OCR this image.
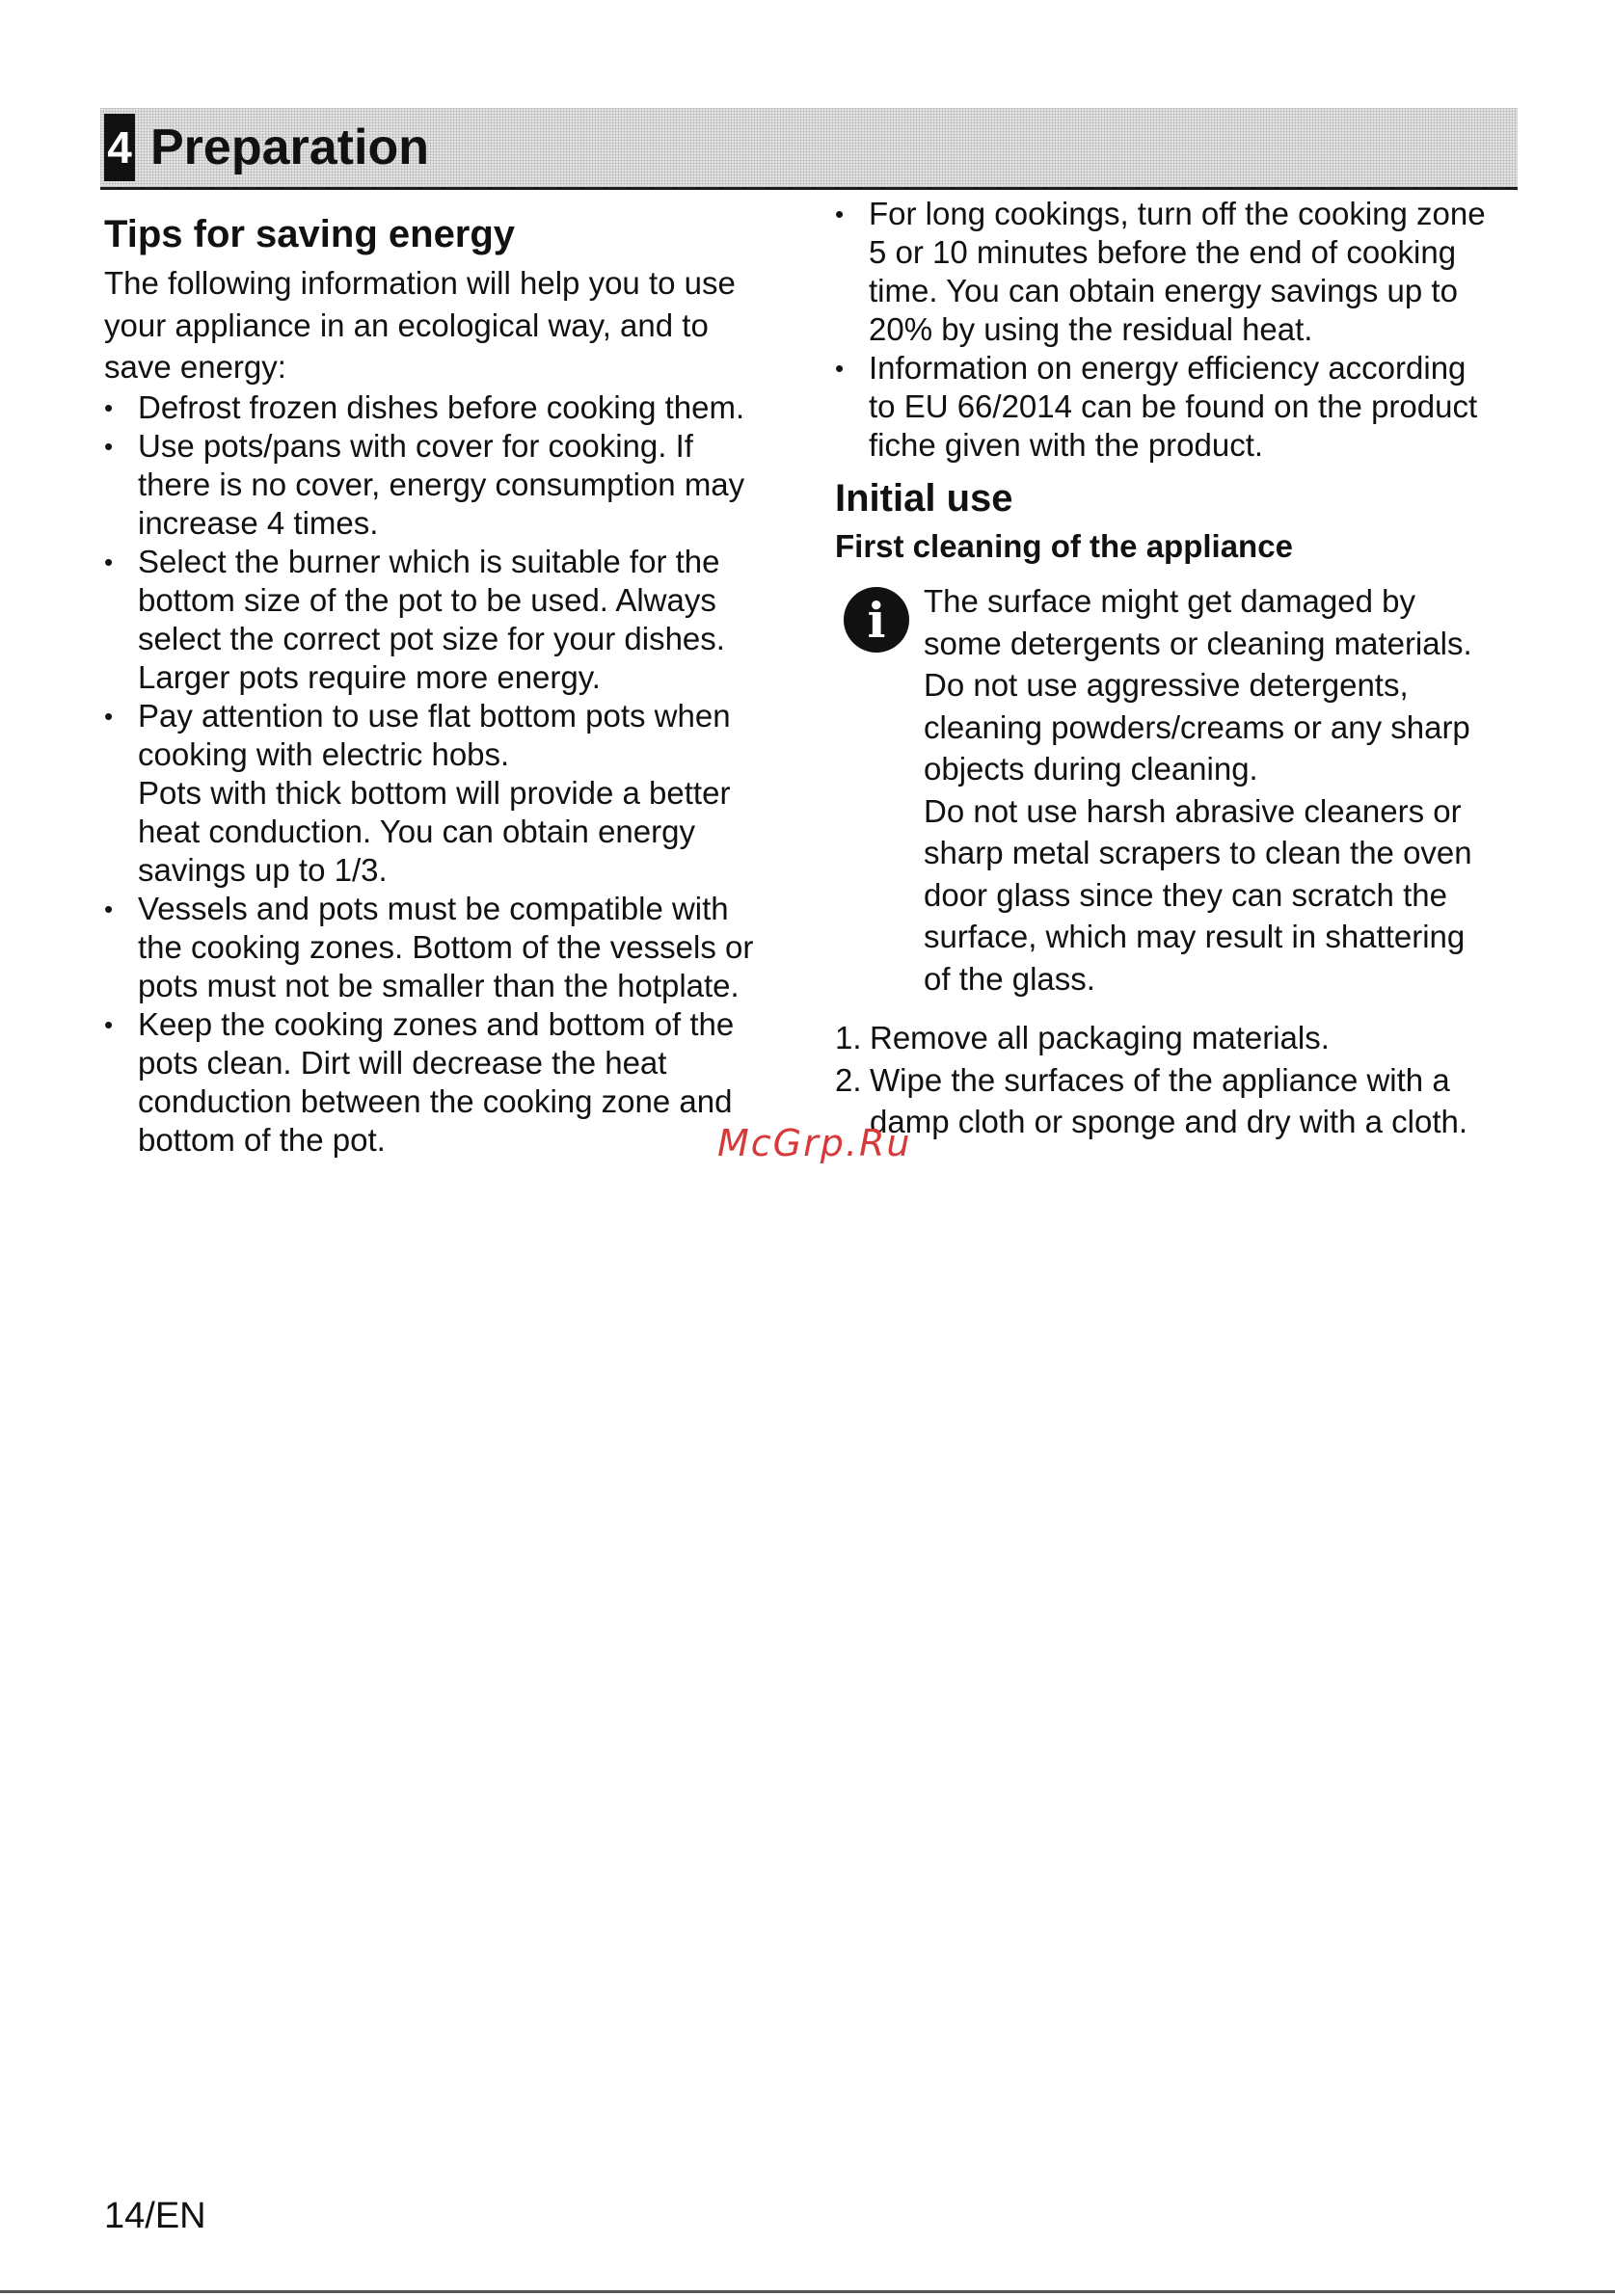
4 Preparation
Tips for saving energy

The following information will help you to use

your appliance in an ecological way, and to

save energy:

• Defrost frozen dishes before cooking them.
• Use pots/pans with cover for cooking. If
there is no cover, energy consumption may
increase 4 times.
• Select the burner which is suitable for the
bottom size of the pot to be used. Always
select the correct pot size for your dishes.
Larger pots require more energy.
• Pay attention to use flat bottom pots when
cooking with electric hobs.
Pots with thick bottom will provide a better
heat conduction. You can obtain energy
savings up to 1/3.
• Vessels and pots must be compatible with
the cooking zones. Bottom of the vessels or
pots must not be smaller than the hotplate.
• Keep the cooking zones and bottom of the
pots clean. Dirt will decrease the heat
conduction between the cooking zone and
bottom of the pot.
• For long cookings, turn off the cooking zone
5 or 10 minutes before the end of cooking
time. You can obtain energy savings up to
20% by using the residual heat.
• Information on energy efficiency according
to EU 66/2014 can be found on the product
fiche given with the product.
Initial use
First cleaning of the appliance
i The surface might get damaged by

some detergents or cleaning materials.

Do not use aggressive detergents,

cleaning powders/creams or any sharp

objects during cleaning.

Do not use harsh abrasive cleaners or

sharp metal scrapers to clean the oven

door glass since they can scratch the

surface, which may result in shattering

of the glass.

1. Remove all packaging materials.
2. Wipe the surfaces of the appliance with a
damp cloth or sponge and dry with a cloth.
McGrp.Ru
14/EN
